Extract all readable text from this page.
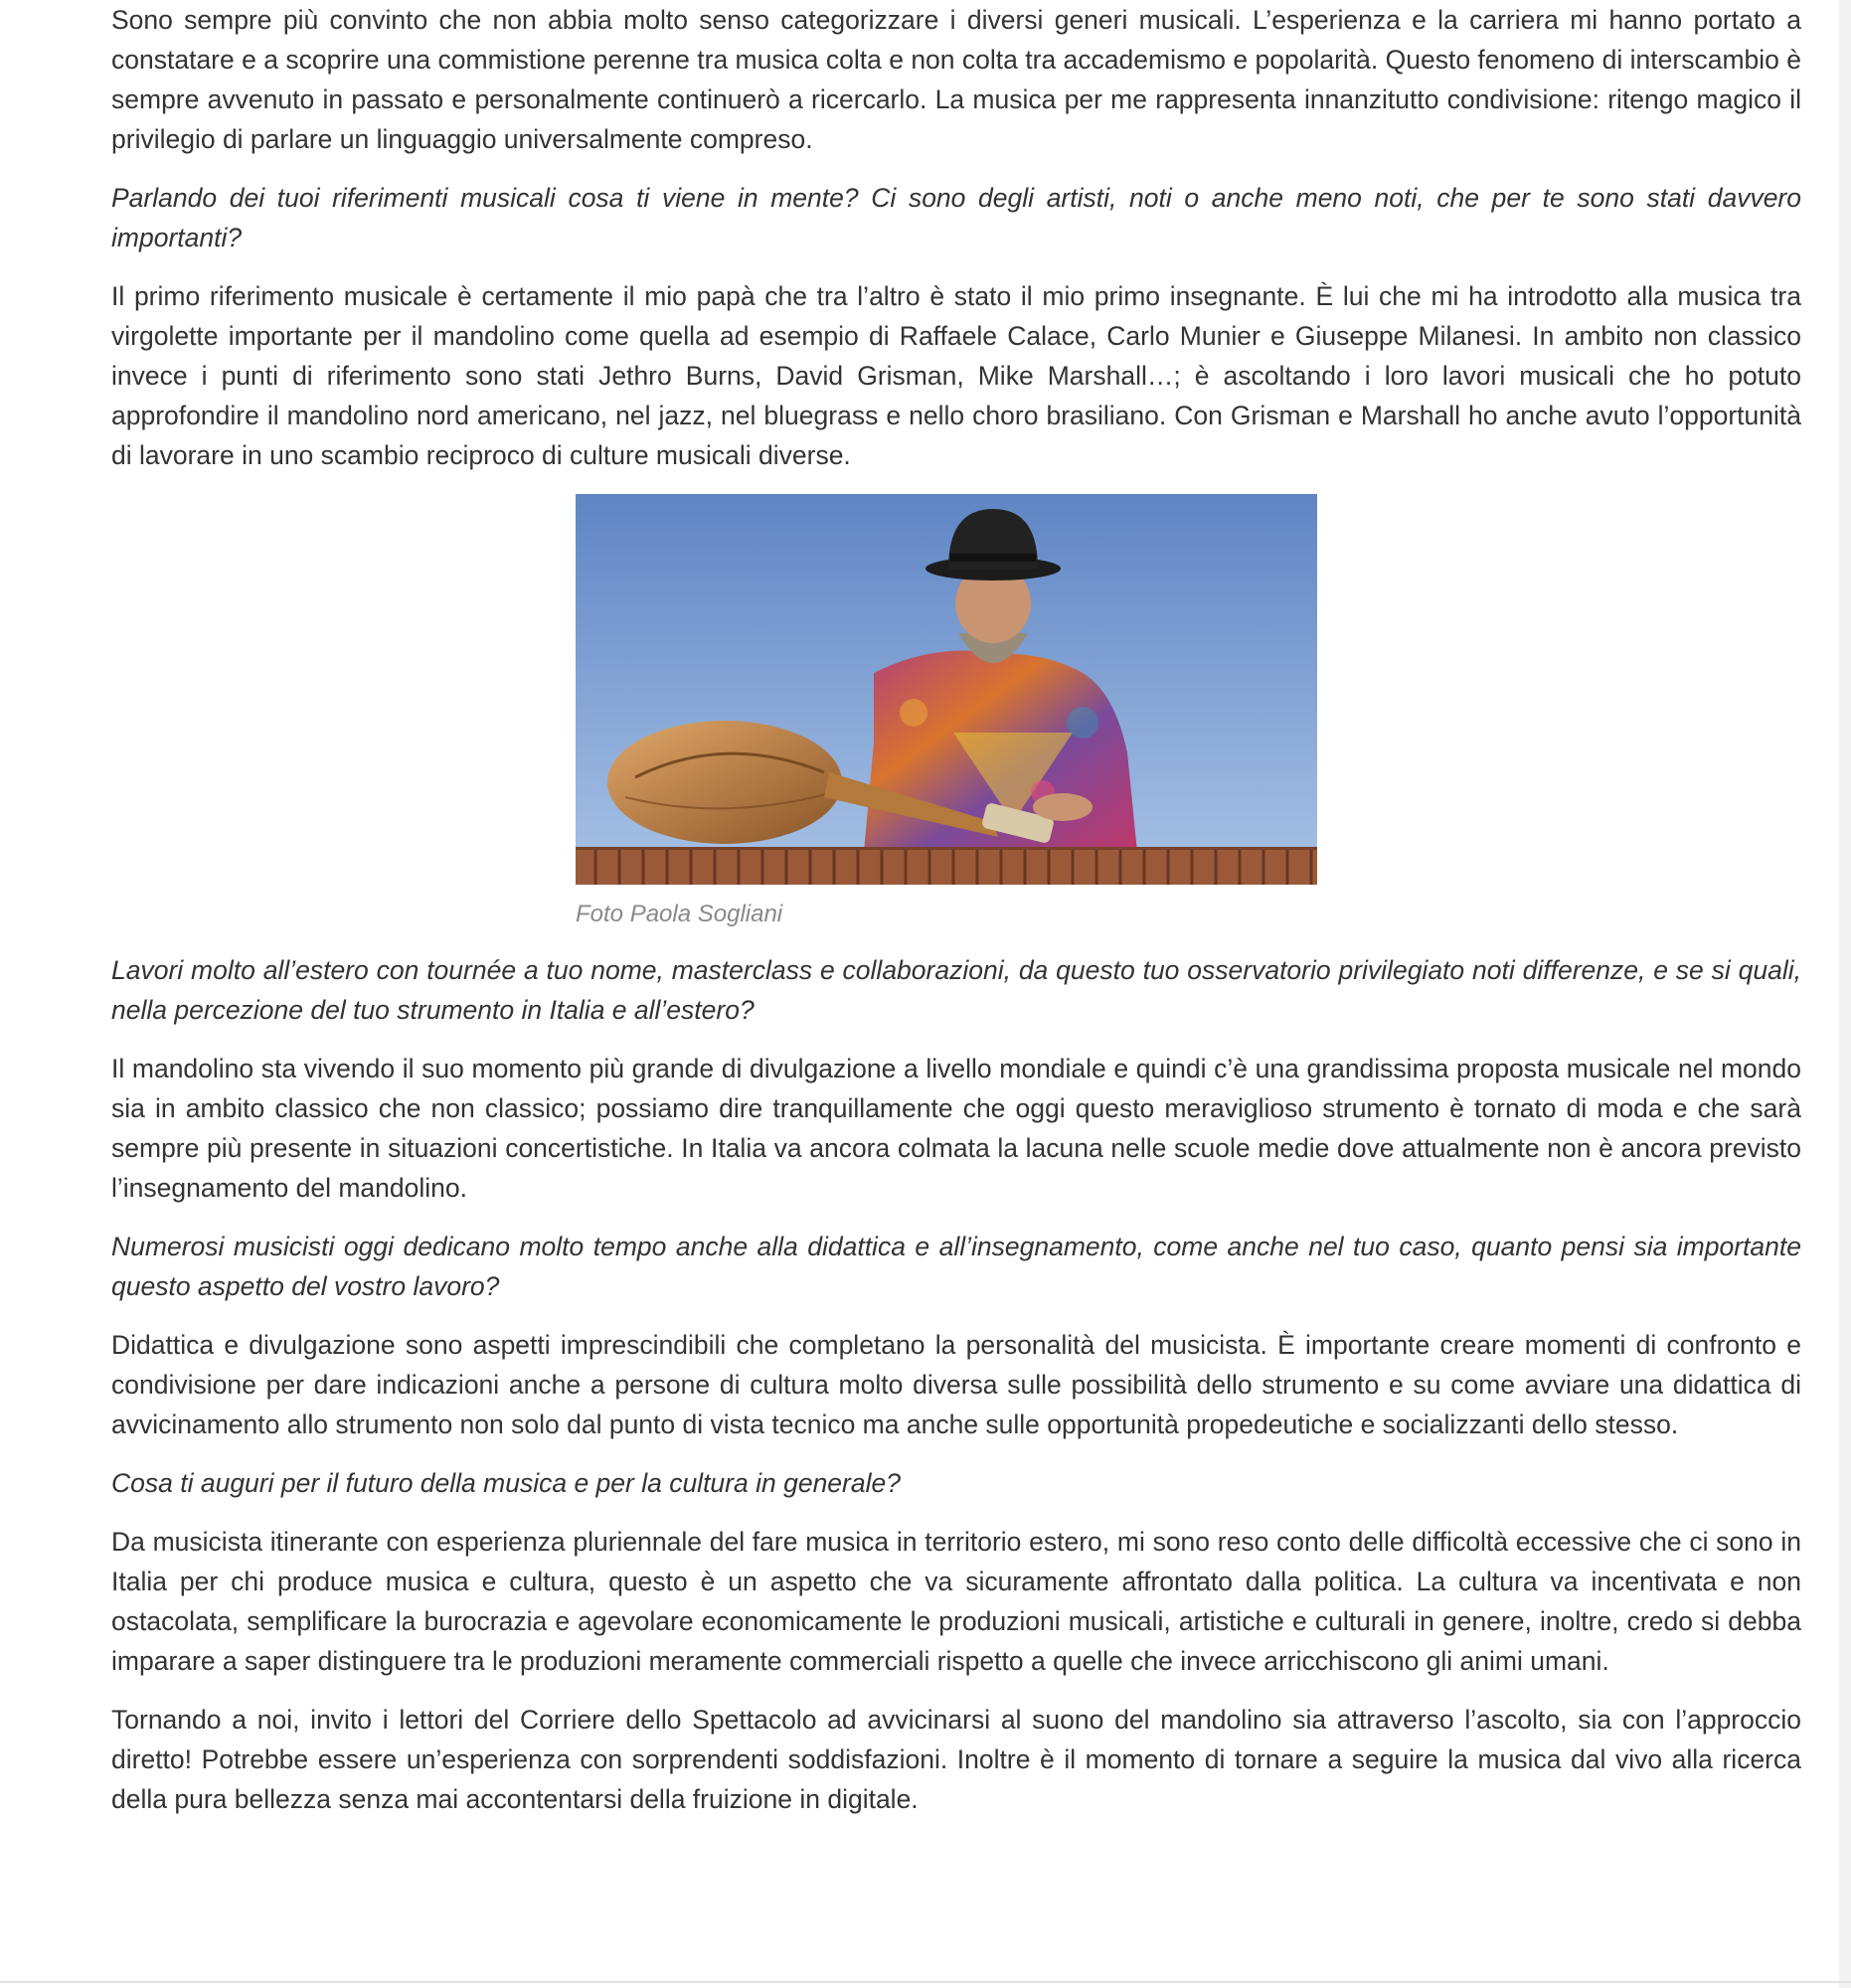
Sono sempre più convinto che non abbia molto senso categorizzare i diversi generi musicali. L’esperienza e la carriera mi hanno portato a constatare e a scoprire una commistione perenne tra musica colta e non colta tra accademismo e popolarità. Questo fenomeno di interscambio è sempre avvenuto in passato e personalmente continuerò a ricercarlo. La musica per me rappresenta innanzitutto condivisione: ritengo magico il privilegio di parlare un linguaggio universalmente compreso.

Parlando dei tuoi riferimenti musicali cosa ti viene in mente? Ci sono degli artisti, noti o anche meno noti, che per te sono stati davvero importanti?

Il primo riferimento musicale è certamente il mio papà che tra l’altro è stato il mio primo insegnante. È lui che mi ha introdotto alla musica tra virgolette importante per il mandolino come quella ad esempio di Raffaele Calace, Carlo Munier e Giuseppe Milanesi. In ambito non classico invece i punti di riferimento sono stati Jethro Burns, David Grisman, Mike Marshall…; è ascoltando i loro lavori musicali che ho potuto approfondire il mandolino nord americano, nel jazz, nel bluegrass e nello choro brasiliano. Con Grisman e Marshall ho anche avuto l’opportunità di lavorare in uno scambio reciproco di culture musicali diverse.

Foto Paola Sogliani

Lavori molto all’estero con tournée a tuo nome, masterclass e collaborazioni, da questo tuo osservatorio privilegiato noti differenze, e se si quali, nella percezione del tuo strumento in Italia e all’estero?

Il mandolino sta vivendo il suo momento più grande di divulgazione a livello mondiale e quindi c’è una grandissima proposta musicale nel mondo sia in ambito classico che non classico; possiamo dire tranquillamente che oggi questo meraviglioso strumento è tornato di moda e che sarà sempre più presente in situazioni concertistiche. In Italia va ancora colmata la lacuna nelle scuole medie dove attualmente non è ancora previsto l’insegnamento del mandolino.

Numerosi musicisti oggi dedicano molto tempo anche alla didattica e all’insegnamento, come anche nel tuo caso, quanto pensi sia importante questo aspetto del vostro lavoro?

Didattica e divulgazione sono aspetti imprescindibili che completano la personalità del musicista. È importante creare momenti di confronto e condivisione per dare indicazioni anche a persone di cultura molto diversa sulle possibilità dello strumento e su come avviare una didattica di avvicinamento allo strumento non solo dal punto di vista tecnico ma anche sulle opportunità propedeutiche e socializzanti dello stesso.

Cosa ti auguri per il futuro della musica e per la cultura in generale?

Da musicista itinerante con esperienza pluriennale del fare musica in territorio estero, mi sono reso conto delle difficoltà eccessive che ci sono in Italia per chi produce musica e cultura, questo è un aspetto che va sicuramente affrontato dalla politica. La cultura va incentivata e non ostacolata, semplificare la burocrazia e agevolare economicamente le produzioni musicali, artistiche e culturali in genere, inoltre, credo si debba imparare a saper distinguere tra le produzioni meramente commerciali rispetto a quelle che invece arricchiscono gli animi umani.

Tornando a noi, invito i lettori del Corriere dello Spettacolo ad avvicinarsi al suono del mandolino sia attraverso l’ascolto, sia con l’approccio diretto! Potrebbe essere un’esperienza con sorprendenti soddisfazioni. Inoltre è il momento di tornare a seguire la musica dal vivo alla ricerca della pura bellezza senza mai accontentarsi della fruizione in digitale.
